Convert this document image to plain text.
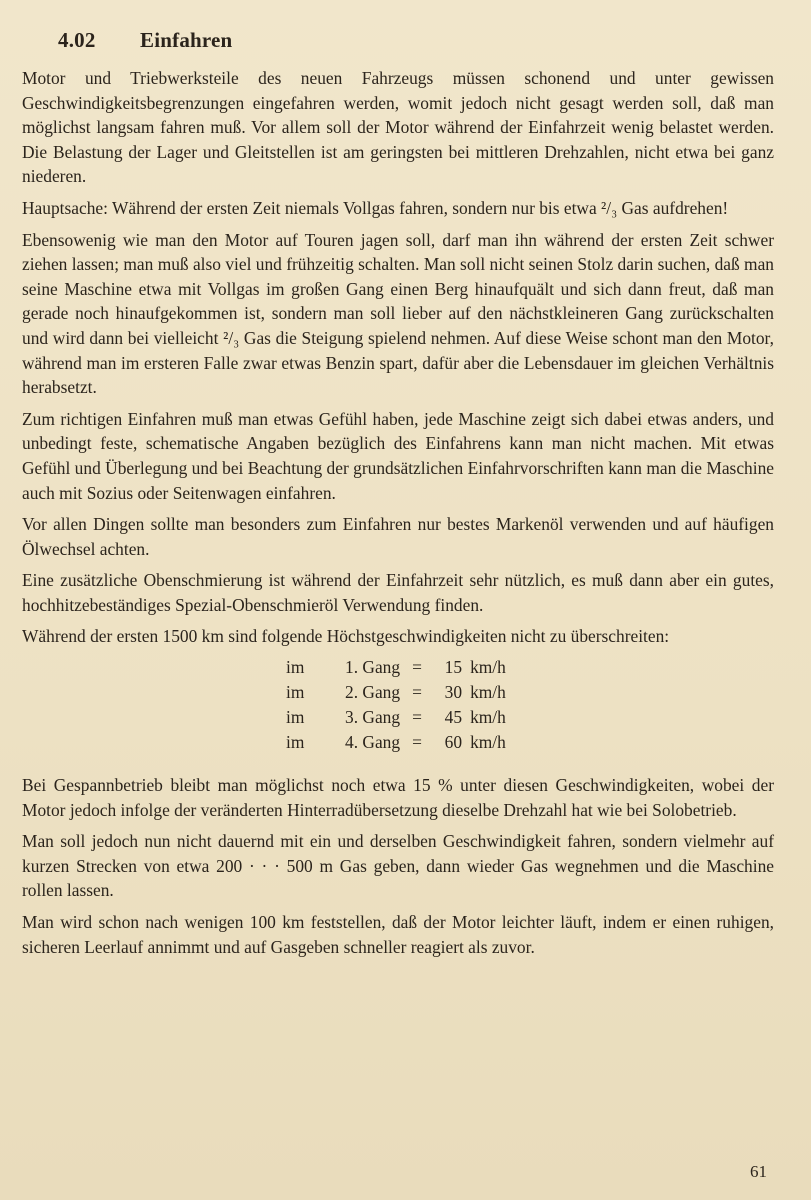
4.02 Einfahren

Motor und Triebwerksteile des neuen Fahrzeugs müssen schonend und unter gewissen Geschwindigkeitsbegrenzungen eingefahren werden, womit jedoch nicht gesagt werden soll, daß man möglichst langsam fahren muß. Vor allem soll der Motor während der Einfahrzeit wenig belastet werden. Die Belastung der Lager und Gleitstellen ist am geringsten bei mittleren Drehzahlen, nicht etwa bei ganz niederen.

Hauptsache: Während der ersten Zeit niemals Vollgas fahren, sondern nur bis etwa ²/₃ Gas aufdrehen!

Ebensowenig wie man den Motor auf Touren jagen soll, darf man ihn während der ersten Zeit schwer ziehen lassen; man muß also viel und frühzeitig schalten. Man soll nicht seinen Stolz darin suchen, daß man seine Maschine etwa mit Vollgas im großen Gang einen Berg hinaufquält und sich dann freut, daß man gerade noch hinaufgekommen ist, sondern man soll lieber auf den nächstkleineren Gang zurückschalten und wird dann bei vielleicht ²/₃ Gas die Steigung spielend nehmen. Auf diese Weise schont man den Motor, während man im ersteren Falle zwar etwas Benzin spart, dafür aber die Lebensdauer im gleichen Verhältnis herabsetzt.

Zum richtigen Einfahren muß man etwas Gefühl haben, jede Maschine zeigt sich dabei etwas anders, und unbedingt feste, schematische Angaben bezüglich des Einfahrens kann man nicht machen. Mit etwas Gefühl und Überlegung und bei Beachtung der grundsätzlichen Einfahrvorschriften kann man die Maschine auch mit Sozius oder Seitenwagen einfahren.

Vor allen Dingen sollte man besonders zum Einfahren nur bestes Markenöl verwenden und auf häufigen Ölwechsel achten.

Eine zusätzliche Obenschmierung ist während der Einfahrzeit sehr nützlich, es muß dann aber ein gutes, hochhitzebeständiges Spezial-Obenschmieröl Verwendung finden.

Während der ersten 1500 km sind folgende Höchstgeschwindigkeiten nicht zu überschreiten:

im 1. Gang = 15 km/h
im 2. Gang = 30 km/h
im 3. Gang = 45 km/h
im 4. Gang = 60 km/h

Bei Gespannbetrieb bleibt man möglichst noch etwa 15 % unter diesen Geschwindigkeiten, wobei der Motor jedoch infolge der veränderten Hinterradübersetzung dieselbe Drehzahl hat wie bei Solobetrieb.

Man soll jedoch nun nicht dauernd mit ein und derselben Geschwindigkeit fahren, sondern vielmehr auf kurzen Strecken von etwa 200 · · · 500 m Gas geben, dann wieder Gas wegnehmen und die Maschine rollen lassen.

Man wird schon nach wenigen 100 km feststellen, daß der Motor leichter läuft, indem er einen ruhigen, sicheren Leerlauf annimmt und auf Gasgeben schneller reagiert als zuvor.

61
